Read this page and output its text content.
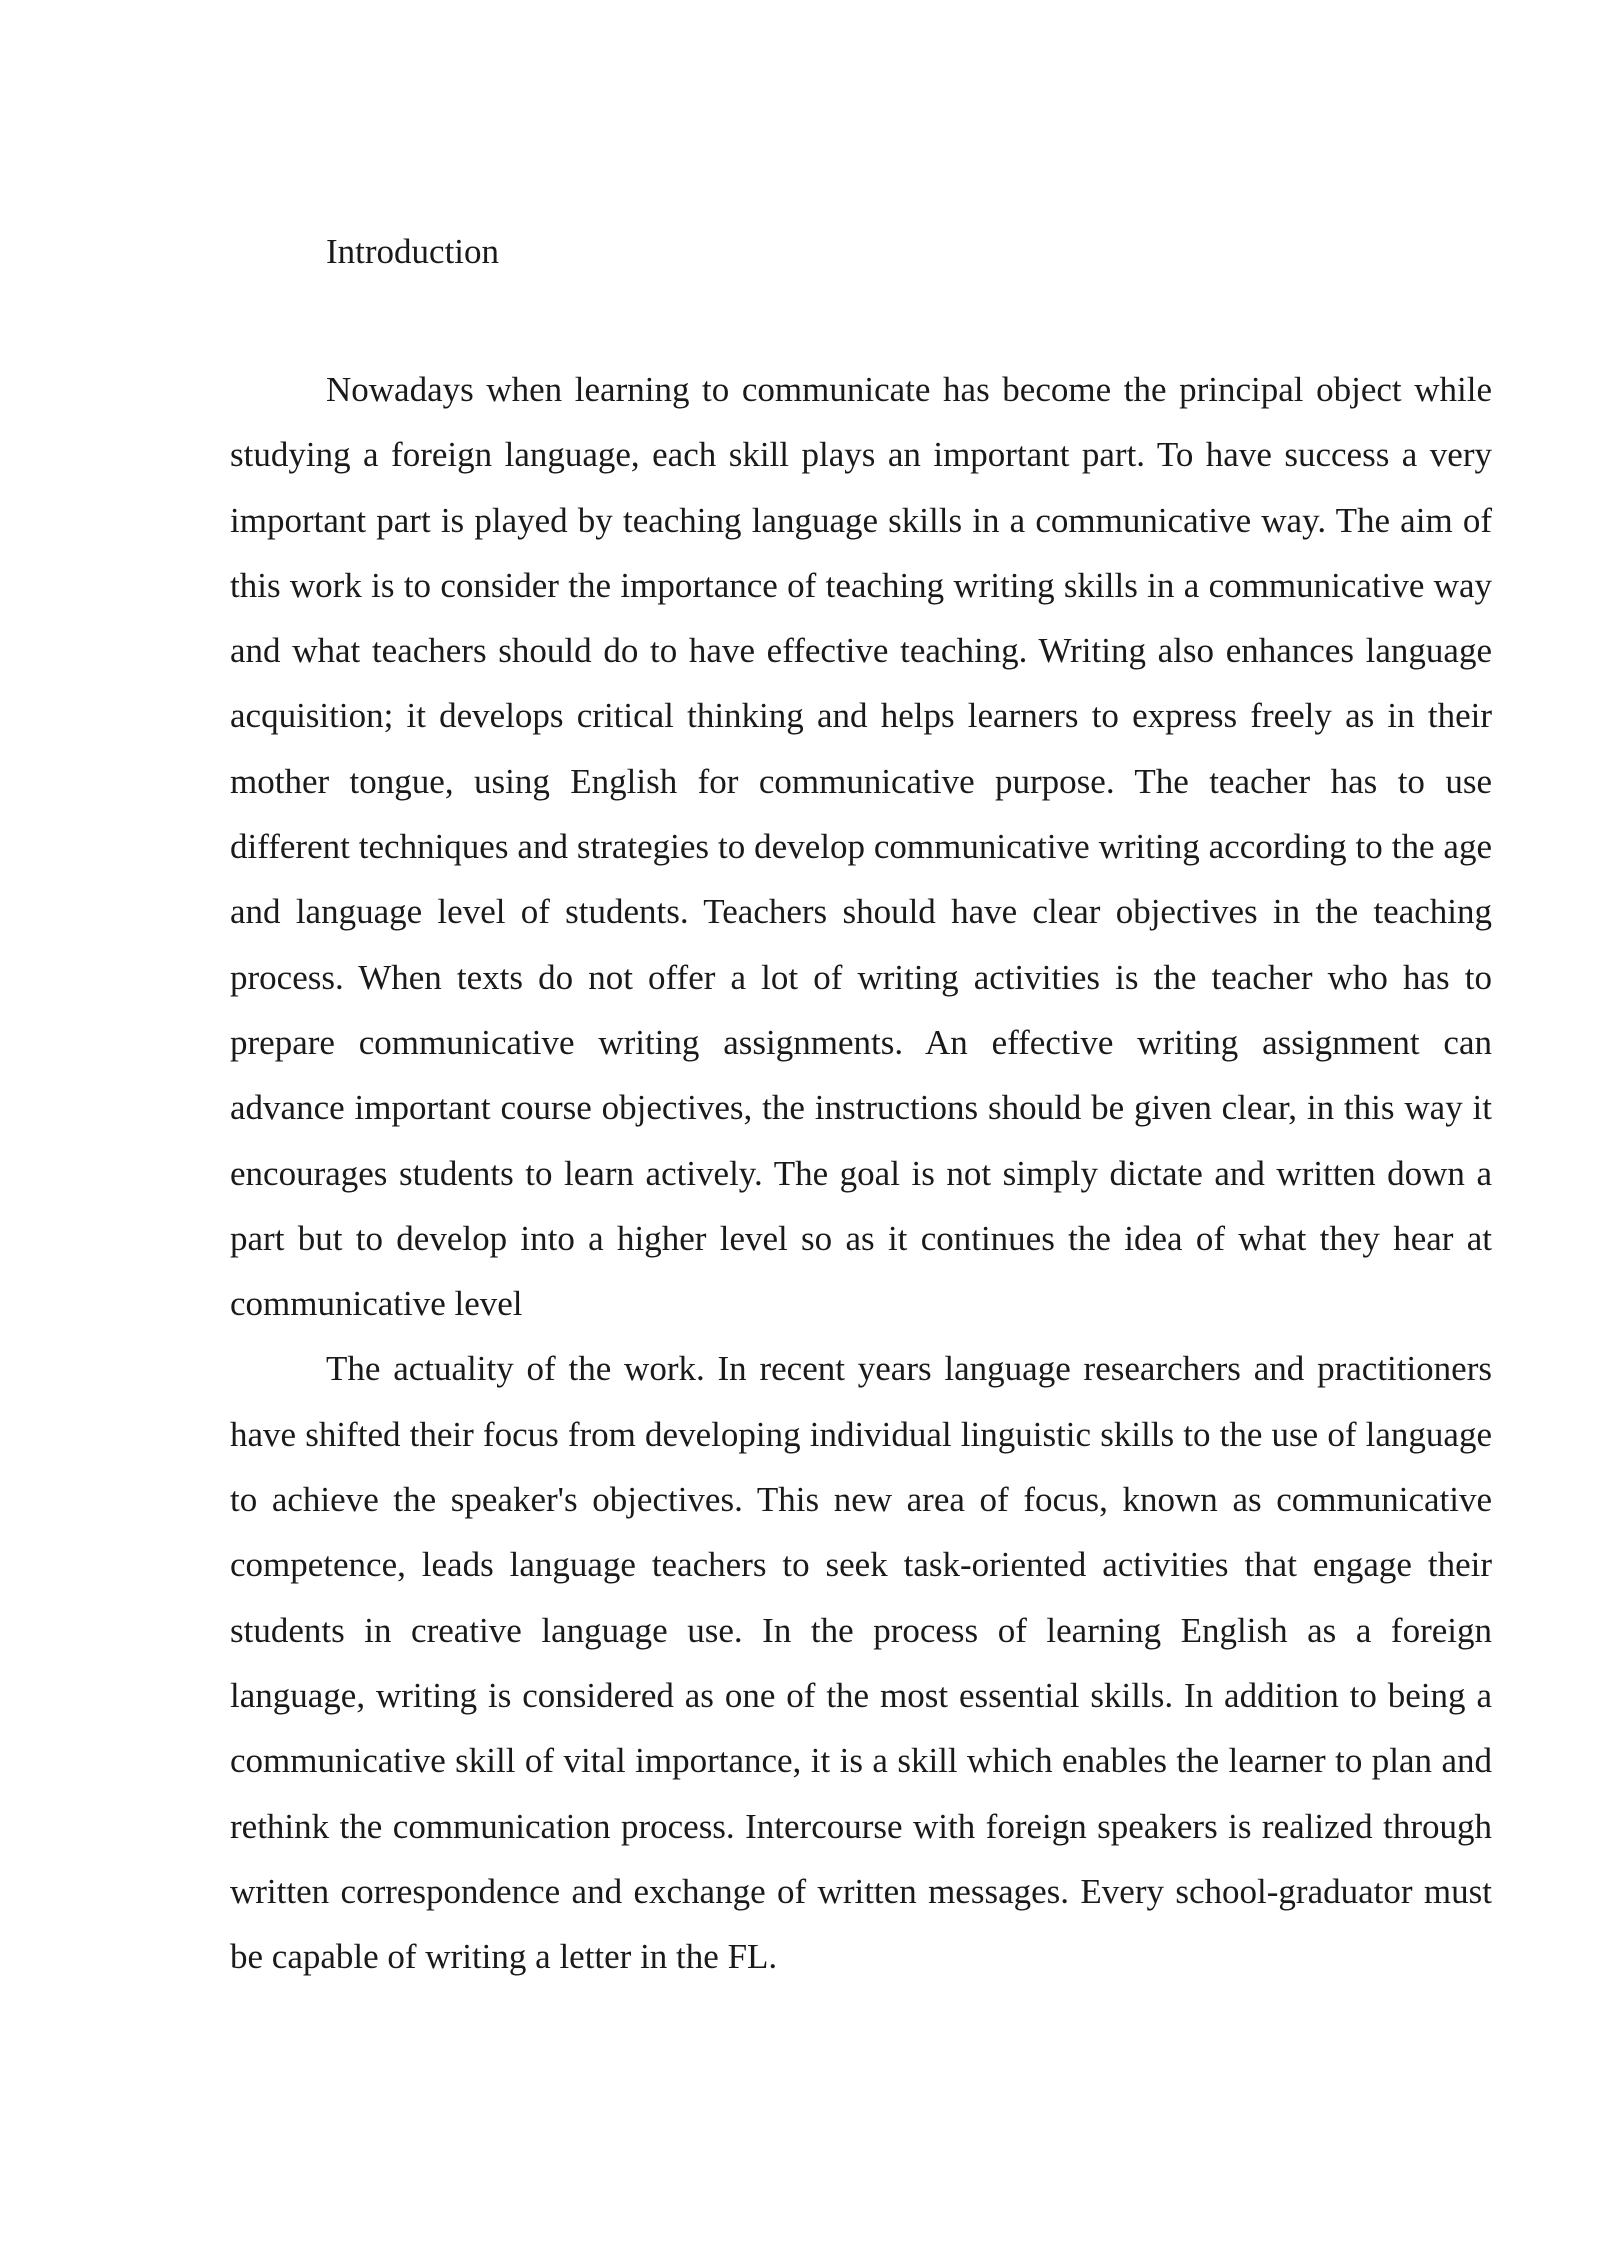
Introduction

Nowadays when learning to communicate has become the principal object while studying a foreign language, each skill plays an important part. To have success a very important part is played by teaching language skills in a communicative way. The aim of this work is to consider the importance of teaching writing skills in a communicative way and what teachers should do to have effective teaching. Writing also enhances language acquisition; it develops critical thinking and helps learners to express freely as in their mother tongue, using English for communicative purpose. The teacher has to use different techniques and strategies to develop communicative writing according to the age and language level of students. Teachers should have clear objectives in the teaching process. When texts do not offer a lot of writing activities is the teacher who has to prepare communicative writing assignments. An effective writing assignment can advance important course objectives, the instructions should be given clear, in this way it encourages students to learn actively. The goal is not simply dictate and written down a part but to develop into a higher level so as it continues the idea of what they hear at communicative level

The actuality of the work. In recent years language researchers and practitioners have shifted their focus from developing individual linguistic skills to the use of language to achieve the speaker's objectives. This new area of focus, known as communicative competence, leads language teachers to seek task-oriented activities that engage their students in creative language use. In the process of learning English as a foreign language, writing is considered as one of the most essential skills. In addition to being a communicative skill of vital importance, it is a skill which enables the learner to plan and rethink the communication process. Intercourse with foreign speakers is realized through written correspondence and exchange of written messages. Every school-graduator must be capable of writing a letter in the FL.
